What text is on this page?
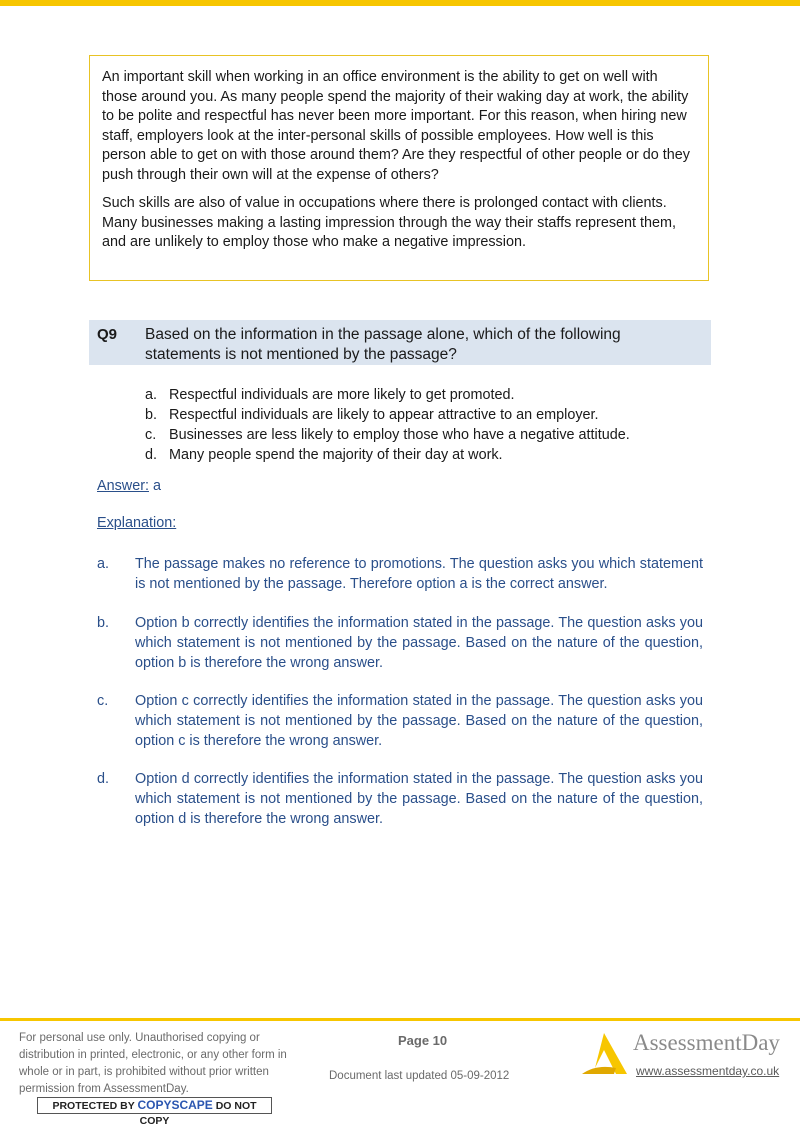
An important skill when working in an office environment is the ability to get on well with those around you. As many people spend the majority of their waking day at work, the ability to be polite and respectful has never been more important. For this reason, when hiring new staff, employers look at the inter-personal skills of possible employees. How well is this person able to get on with those around them? Are they respectful of other people or do they push through their own will at the expense of others?

Such skills are also of value in occupations where there is prolonged contact with clients. Many businesses making a lasting impression through the way their staffs represent them, and are unlikely to employ those who make a negative impression.

Q9 Based on the information in the passage alone, which of the following statements is not mentioned by the passage?
a. Respectful individuals are more likely to get promoted.
b. Respectful individuals are likely to appear attractive to an employer.
c. Businesses are less likely to employ those who have a negative attitude.
d. Many people spend the majority of their day at work.
Answer: a
Explanation:
a. The passage makes no reference to promotions. The question asks you which statement is not mentioned by the passage. Therefore option a is the correct answer.
b. Option b correctly identifies the information stated in the passage. The question asks you which statement is not mentioned by the passage. Based on the nature of the question, option b is therefore the wrong answer.
c. Option c correctly identifies the information stated in the passage. The question asks you which statement is not mentioned by the passage. Based on the nature of the question, option c is therefore the wrong answer.
d. Option d correctly identifies the information stated in the passage. The question asks you which statement is not mentioned by the passage. Based on the nature of the question, option d is therefore the wrong answer.
For personal use only. Unauthorised copying or distribution in printed, electronic, or any other form in whole or in part, is prohibited without prior written permission from AssessmentDay.
PROTECTED BY COPYSCAPE DO NOT COPY
Page 10
Document last updated 05-09-2012
AssessmentDay
www.assessmentday.co.uk
